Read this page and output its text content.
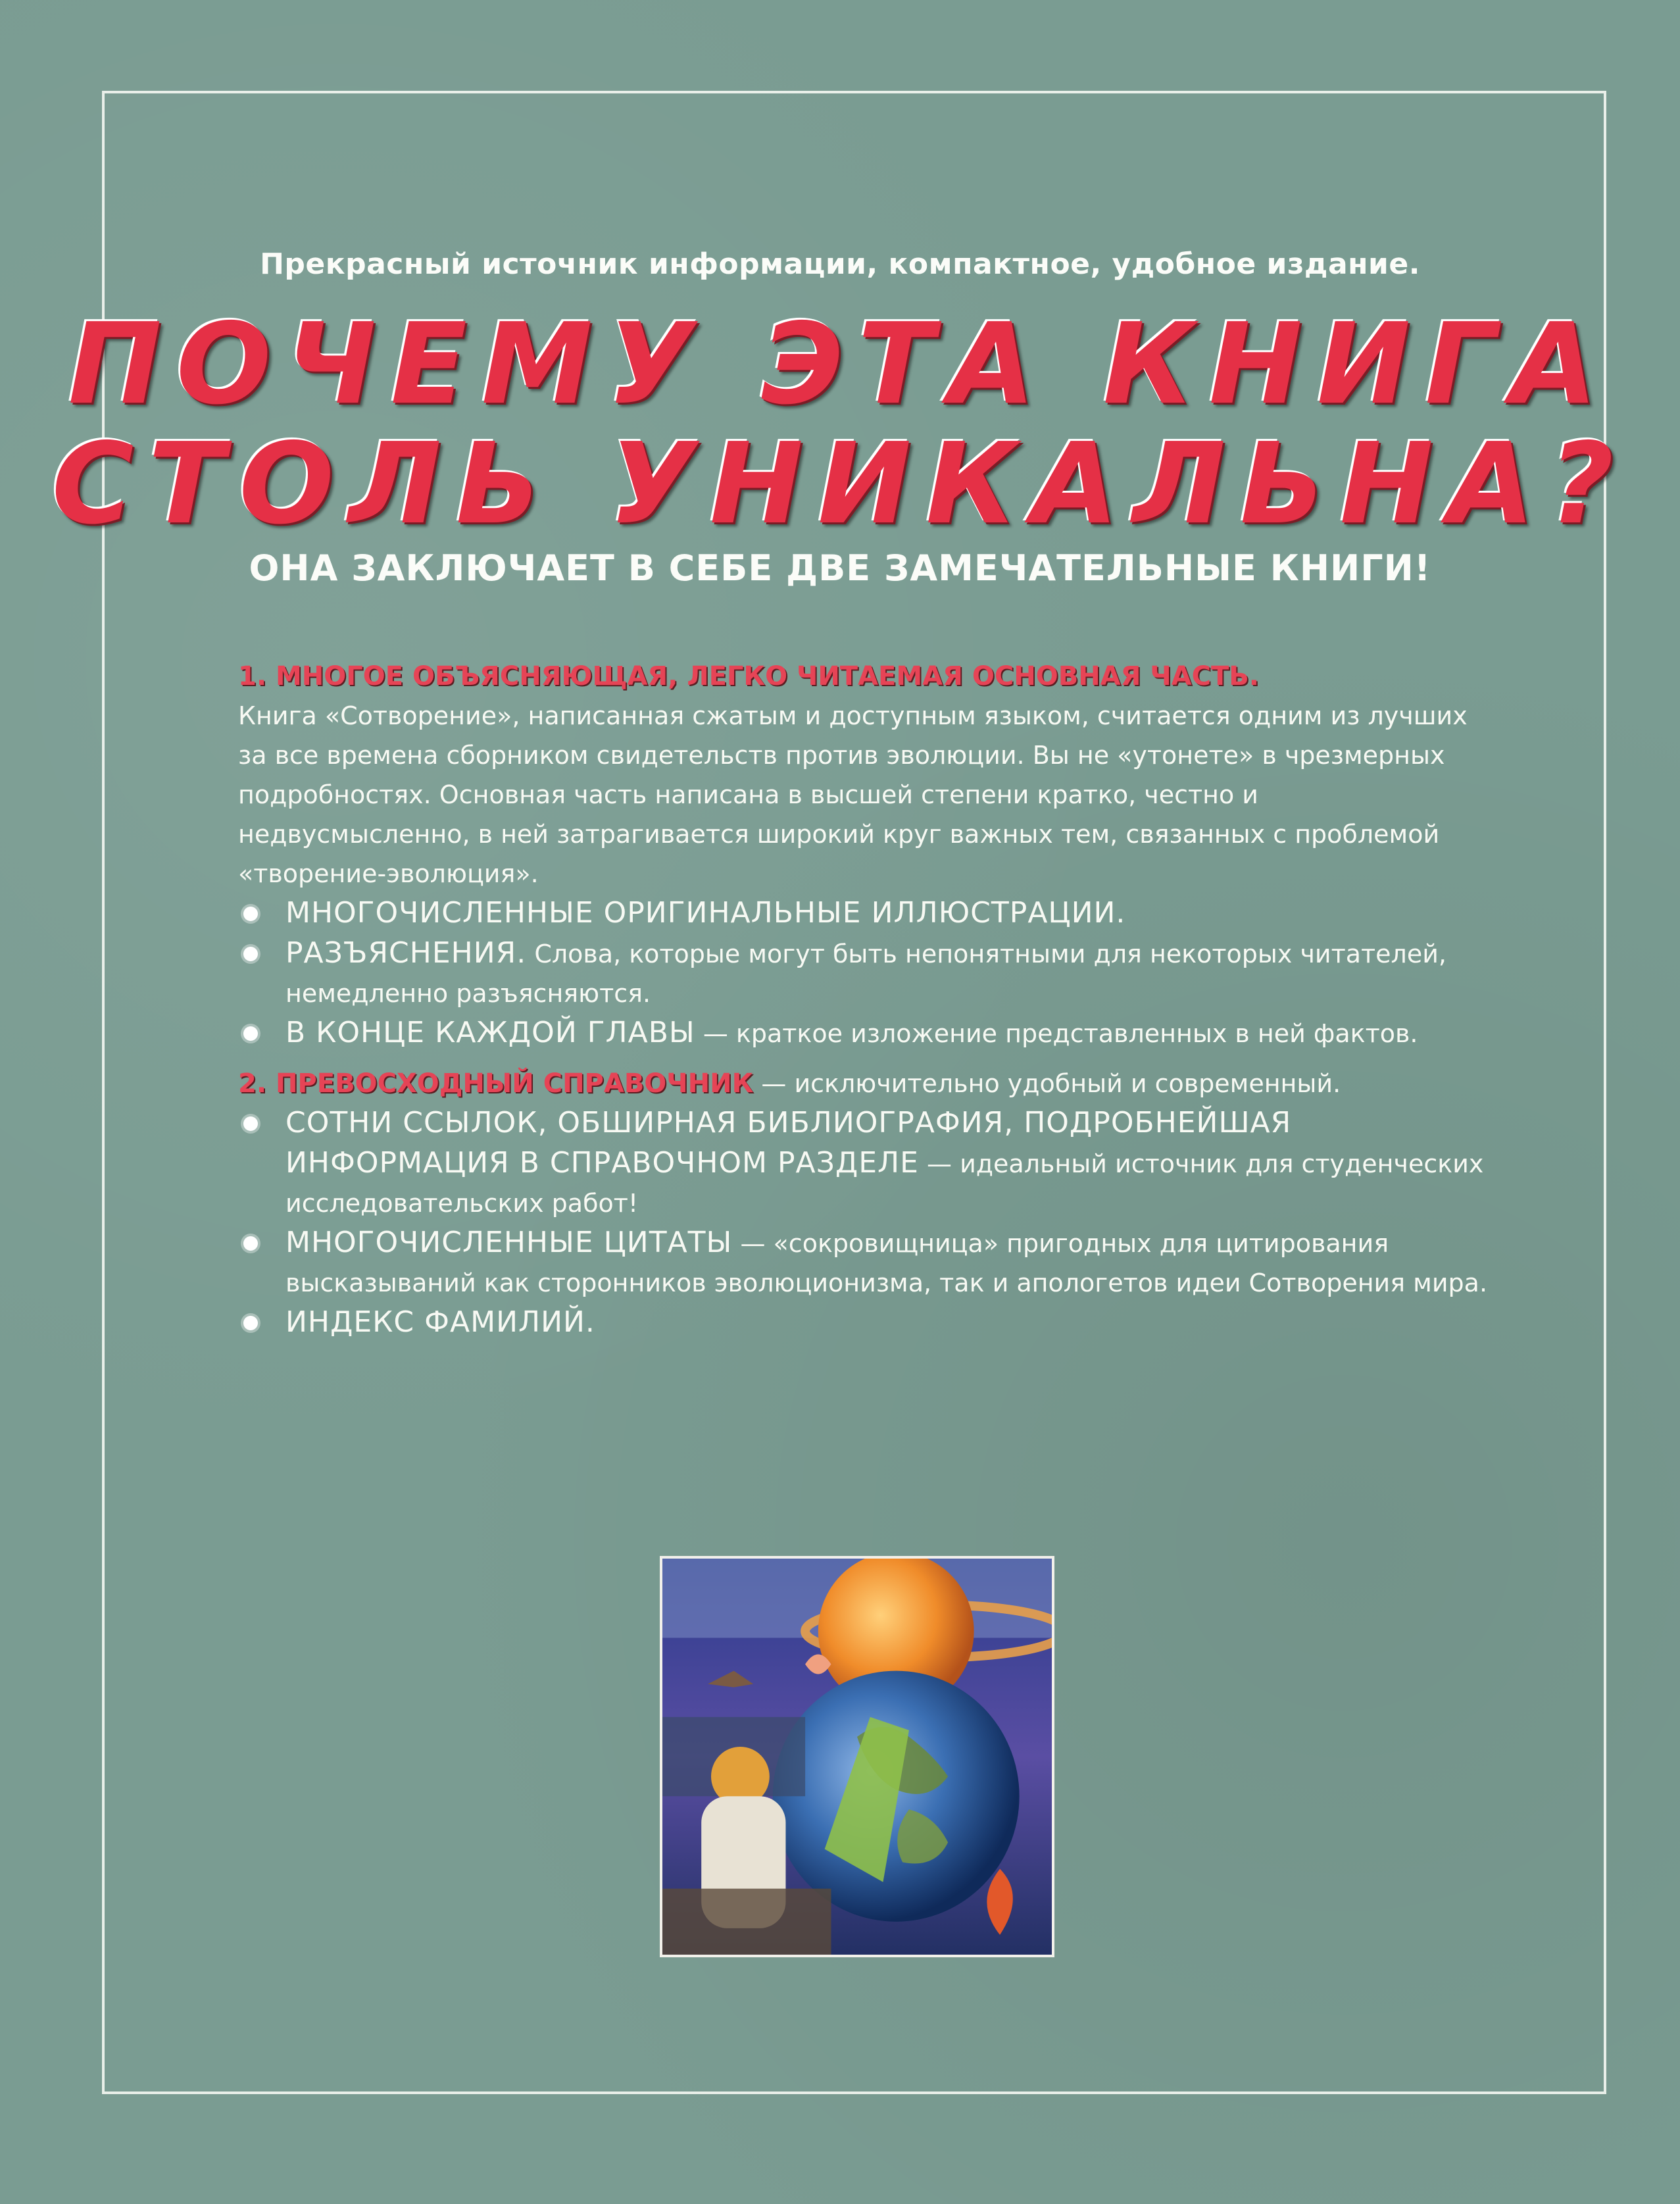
Прекрасный источник информации, компактное, удобное издание.
ПОЧЕМУ ЭТА КНИГА
СТОЛЬ УНИКАЛЬНА?
ОНА ЗАКЛЮЧАЕТ В СЕБЕ ДВЕ ЗАМЕЧАТЕЛЬНЫЕ КНИГИ!
1. МНОГОЕ ОБЪЯСНЯЮЩАЯ, ЛЕГКО ЧИТАЕМАЯ ОСНОВНАЯ ЧАСТЬ.

Книга «Сотворение», написанная сжатым и доступным языком, считается одним из лучших за все времена сборником свидетельств против эволюции. Вы не «утонете» в чрезмерных подробностях. Основная часть написана в высшей степени кратко, честно и недвусмысленно, в ней затрагивается широкий круг важных тем, связанных с проблемой «творение-эволюция».

МНОГОЧИСЛЕННЫЕ ОРИГИНАЛЬНЫЕ ИЛЛЮСТРАЦИИ.
РАЗЪЯСНЕНИЯ. Слова, которые могут быть непонятными для некоторых читателей, немедленно разъясняются.
В КОНЦЕ КАЖДОЙ ГЛАВЫ — краткое изложение представленных в ней фактов.
2. ПРЕВОСХОДНЫЙ СПРАВОЧНИК — исключительно удобный и современный.
СОТНИ ССЫЛОК, ОБШИРНАЯ БИБЛИОГРАФИЯ, ПОДРОБНЕЙШАЯ ИНФОРМАЦИЯ В СПРАВОЧНОМ РАЗДЕЛЕ — идеальный источник для студенческих исследовательских работ!
МНОГОЧИСЛЕННЫЕ ЦИТАТЫ — «сокровищница» пригодных для цитирования высказываний как сторонников эволюционизма, так и апологетов идеи Сотворения мира.
ИНДЕКС ФАМИЛИЙ.
